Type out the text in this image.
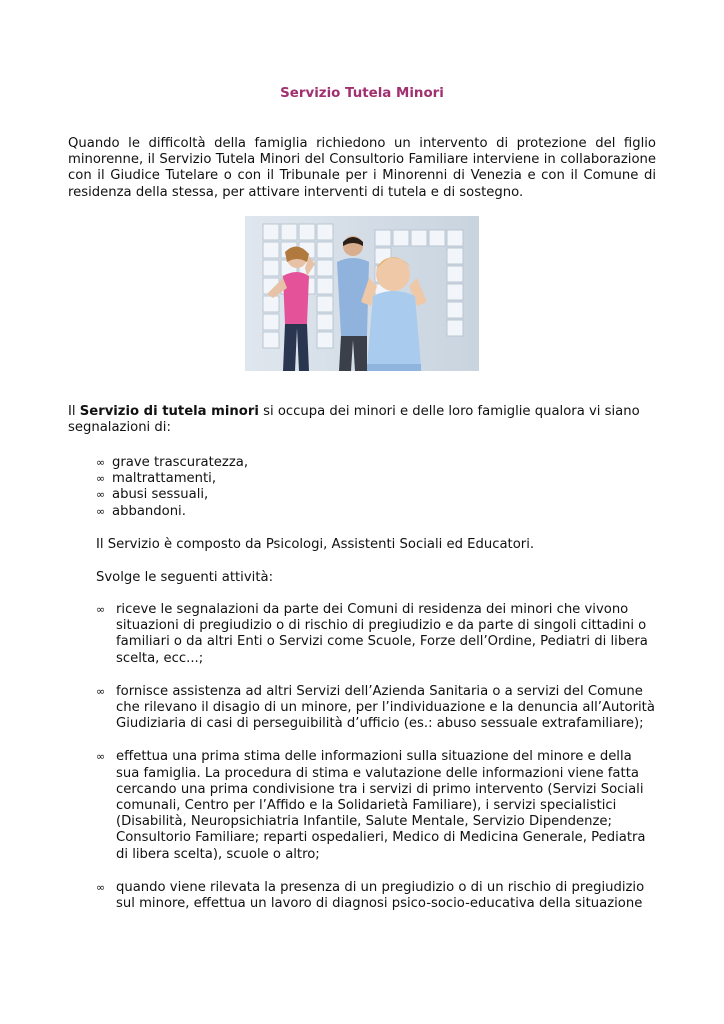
Servizio Tutela Minori
Quando le difficoltà della famiglia richiedono un intervento di protezione del figlio minorenne, il Servizio Tutela Minori del Consultorio Familiare interviene in collaborazione con il Giudice Tutelare o con il Tribunale per i Minorenni di Venezia e con il Comune di residenza della stessa, per attivare interventi di tutela e di sostegno.
Il Servizio di tutela minori si occupa dei minori e delle loro famiglie qualora vi siano segnalazioni di:
∞ grave trascuratezza,
∞ maltrattamenti,
∞ abusi sessuali,
∞ abbandoni.
Il Servizio è composto da Psicologi, Assistenti Sociali ed Educatori.
Svolge le seguenti attività:
∞ riceve le segnalazioni da parte dei Comuni di residenza dei minori che vivono situazioni di pregiudizio o di rischio di pregiudizio e da parte di singoli cittadini o familiari o da altri Enti o Servizi come Scuole, Forze dell’Ordine, Pediatri di libera scelta, ecc...;
∞ fornisce assistenza ad altri Servizi dell’Azienda Sanitaria o a servizi del Comune che rilevano il disagio di un minore, per l’individuazione e la denuncia all’Autorità Giudiziaria di casi di perseguibilità d’ufficio (es.: abuso sessuale extrafamiliare);
∞ effettua una prima stima delle informazioni sulla situazione del minore e della sua famiglia. La procedura di stima e valutazione delle informazioni viene fatta cercando una prima condivisione tra i servizi di primo intervento (Servizi Sociali comunali, Centro per l’Affido e la Solidarietà Familiare), i servizi specialistici (Disabilità, Neuropsichiatria Infantile, Salute Mentale, Servizio Dipendenze; Consultorio Familiare; reparti ospedalieri, Medico di Medicina Generale, Pediatra di libera scelta), scuole o altro;
∞ quando viene rilevata la presenza di un pregiudizio o di un rischio di pregiudizio sul minore, effettua un lavoro di diagnosi psico-socio-educativa della situazione
